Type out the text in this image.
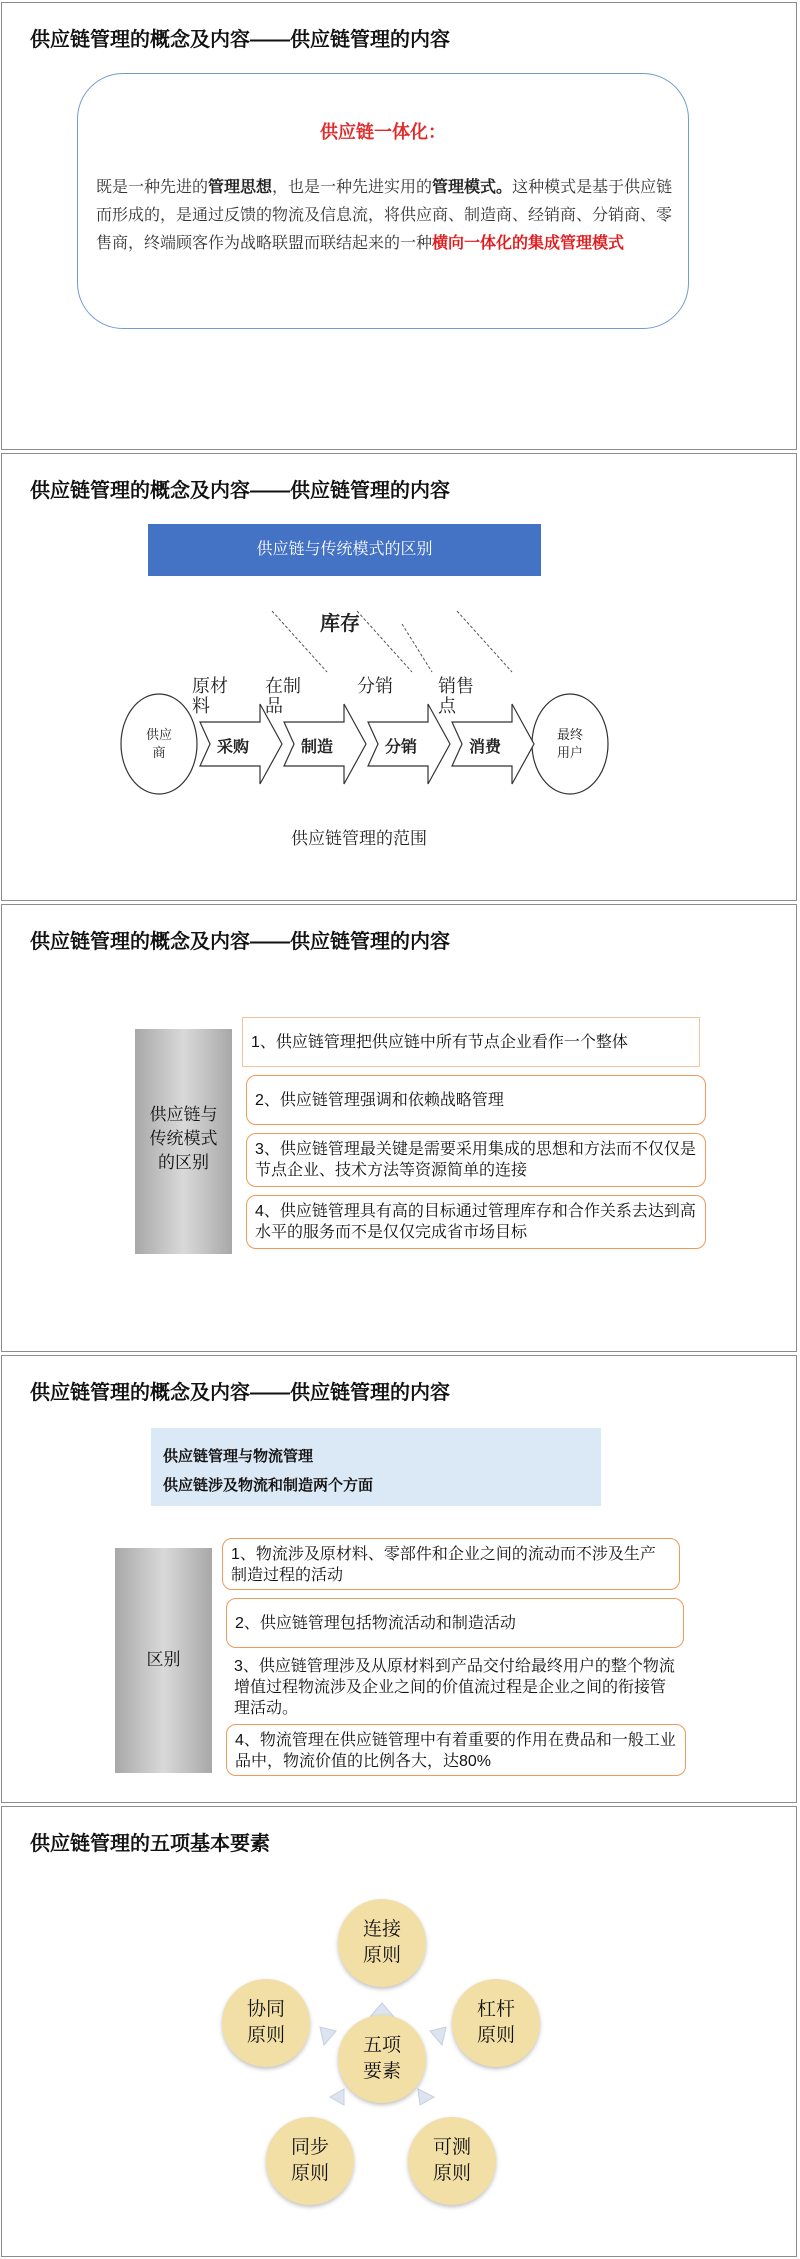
供应链管理的概念及内容——供应链管理的内容
供应链一体化：
既是一种先进的管理思想，也是一种先进实用的管理模式。这种模式是基于供应链而形成的，是通过反馈的物流及信息流，将供应商、制造商、经销商、分销商、零售商，终端顾客作为战略联盟而联结起来的一种横向一体化的集成管理模式
供应链管理的概念及内容——供应链管理的内容
供应链与传统模式的区别
库存
供应商
最终用户
采购	制造	分销	消费
原材料
在制品
分销	销售点
供应链管理的范围
供应链管理的概念及内容——供应链管理的内容
供应链与传统模式的区别
1、供应链管理把供应链中所有节点企业看作一个整体
2、供应链管理强调和依赖战略管理
3、供应链管理最关键是需要采用集成的思想和方法而不仅仅是节点企业、技术方法等资源简单的连接
4、供应链管理具有高的目标通过管理库存和合作关系去达到高水平的服务而不是仅仅完成省市场目标
供应链管理的概念及内容——供应链管理的内容
供应链管理与物流管理
供应链涉及物流和制造两个方面
区别
1、物流涉及原材料、零部件和企业之间的流动而不涉及生产制造过程的活动
2、供应链管理包括物流活动和制造活动
3、供应链管理涉及从原材料到产品交付给最终用户的整个物流增值过程物流涉及企业之间的价值流过程是企业之间的衔接管理活动。
4、物流管理在供应链管理中有着重要的作用在费品和一般工业品中，物流价值的比例各大，达80%
供应链管理的五项基本要素
五项要素
连接原则
杠杆原则
可测原则
同步原则
协同原则
